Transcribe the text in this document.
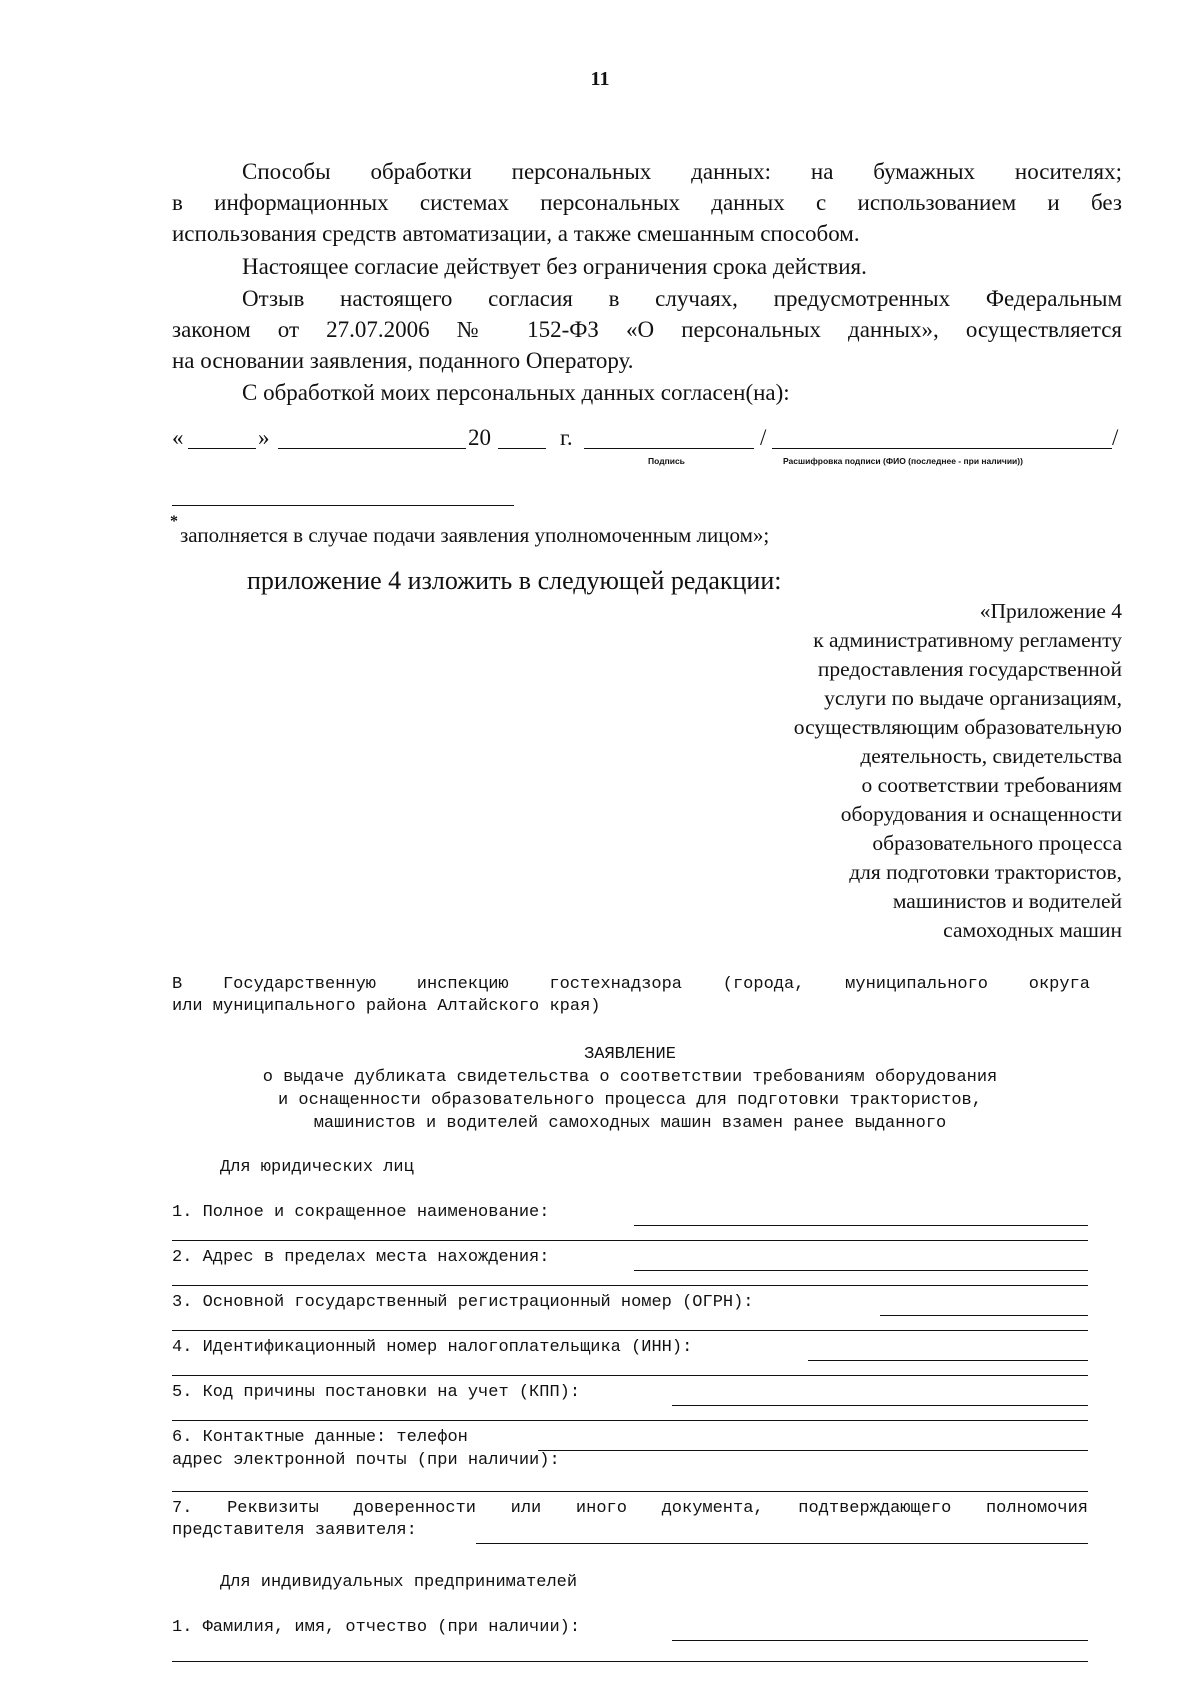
11
Способы обработки персональных данных: на бумажных носителях;
в информационных системах персональных данных с использованием и без
использования средств автоматизации, а также смешанным способом.
Настоящее согласие действует без ограничения срока действия.
Отзыв настоящего согласия в случаях, предусмотренных Федеральным
законом от 27.07.2006 № 152-ФЗ «О персональных данных», осуществляется
на основании заявления, поданного Оператору.
С обработкой моих персональных данных согласен(на):
«	»	20	г.	/	/
Подпись	Расшифровка подписи (ФИО (последнее - при наличии))
*
заполняется в случае подачи заявления уполномоченным лицом»;
приложение 4 изложить в следующей редакции:
«Приложение 4
к административному регламенту
предоставления государственной
услуги по выдаче организациям,
осуществляющим образовательную
деятельность, свидетельства
о соответствии требованиям
оборудования и оснащенности
образовательного процесса
для подготовки трактористов,
машинистов и водителей
самоходных машин
В Государственную инспекцию гостехнадзора (города, муниципального округа
или муниципального района Алтайского края)
ЗАЯВЛЕНИЕ
о выдаче дубликата свидетельства о соответствии требованиям оборудования
и оснащенности образовательного процесса для подготовки трактористов,
машинистов и водителей самоходных машин взамен ранее выданного
Для юридических лиц
1. Полное и сокращенное наименование:
2. Адрес в пределах места нахождения:
3. Основной государственный регистрационный номер (ОГРН):
4. Идентификационный номер налогоплательщика (ИНН):
5. Код причины постановки на учет (КПП):
6. Контактные данные: телефон
адрес электронной почты (при наличии):
7. Реквизиты доверенности или иного документа, подтверждающего полномочия
представителя заявителя:
Для индивидуальных предпринимателей
1. Фамилия, имя, отчество (при наличии):
